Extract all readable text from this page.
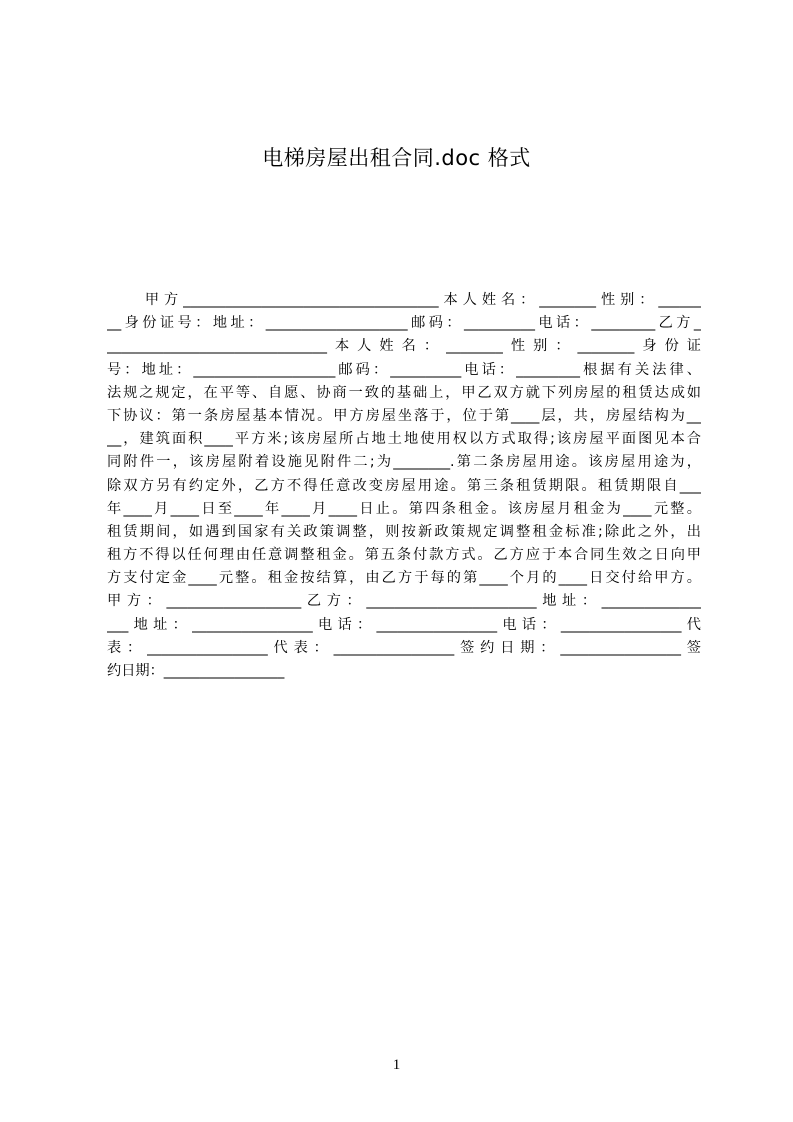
电梯房屋出租合同.doc 格式
甲方____________________________________本人姓名：________性别：______
__身份证号：地址：____________________邮码：__________电话：_________乙方_
_______________________________本人姓名：________性别：________身份证
号：地址：____________________邮码：__________电话：_________根据有关法律、
法规之规定，在平等、自愿、协商一致的基础上，甲乙双方就下列房屋的租赁达成如
下协议：第一条房屋基本情况。甲方房屋坐落于，位于第____层，共，房屋结构为__
__，建筑面积____平方米;该房屋所占地土地使用权以方式取得;该房屋平面图见本合
同附件一，该房屋附着设施见附件二;为________.第二条房屋用途。该房屋用途为，
除双方另有约定外，乙方不得任意改变房屋用途。第三条租赁期限。租赁期限自___
年____月____日至____年____月____日止。第四条租金。该房屋月租金为____元整。
租赁期间，如遇到国家有关政策调整，则按新政策规定调整租金标准;除此之外，出
租方不得以任何理由任意调整租金。第五条付款方式。乙方应于本合同生效之日向甲
方支付定金____元整。租金按结算，由乙方于每的第____个月的____日交付给甲方。
甲方：___________________乙方：________________________地址：______________
___地址：_________________电话：_________________电话：_________________代
表：_________________代表：_________________签约日期：_________________签
约日期：_________________
1
